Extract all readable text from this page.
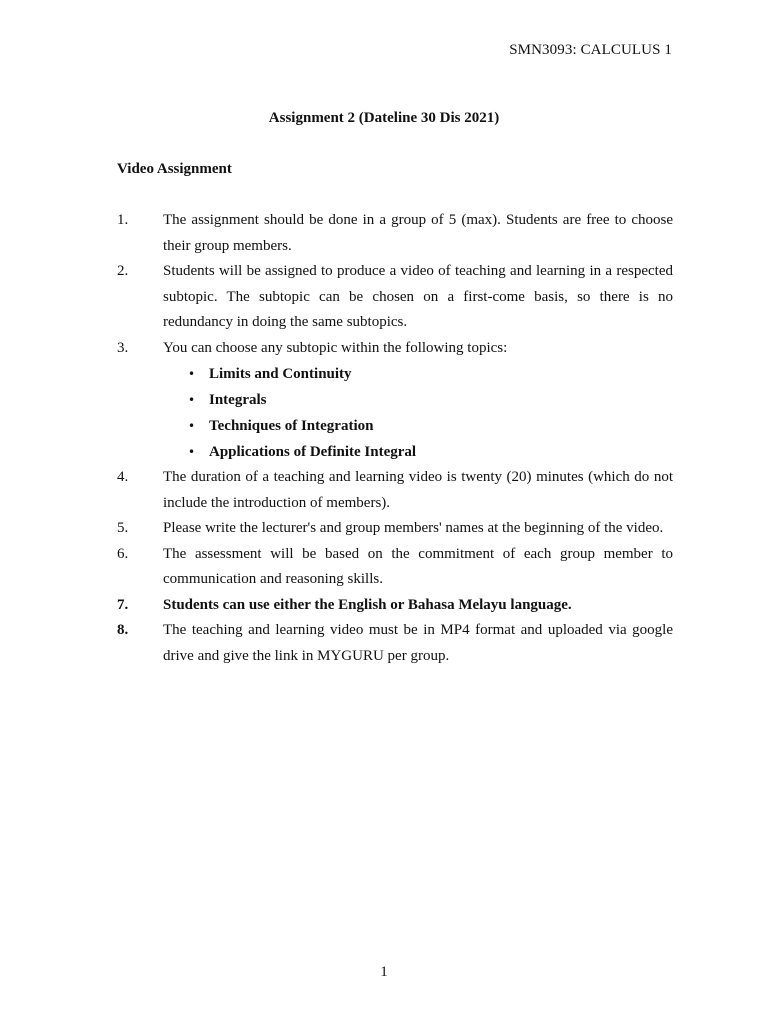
SMN3093: CALCULUS 1
Assignment 2 (Dateline 30 Dis 2021)
Video Assignment
1.	The assignment should be done in a group of 5 (max). Students are free to choose their group members.
2.	Students will be assigned to produce a video of teaching and learning in a respected subtopic. The subtopic can be chosen on a first-come basis, so there is no redundancy in doing the same subtopics.
3.	You can choose any subtopic within the following topics:
• Limits and Continuity
• Integrals
• Techniques of Integration
• Applications of Definite Integral
4.	The duration of a teaching and learning video is twenty (20) minutes (which do not include the introduction of members).
5.	Please write the lecturer's and group members' names at the beginning of the video.
6.	The assessment will be based on the commitment of each group member to communication and reasoning skills.
7.	Students can use either the English or Bahasa Melayu language.
8.	The teaching and learning video must be in MP4 format and uploaded via google drive and give the link in MYGURU per group.
1
